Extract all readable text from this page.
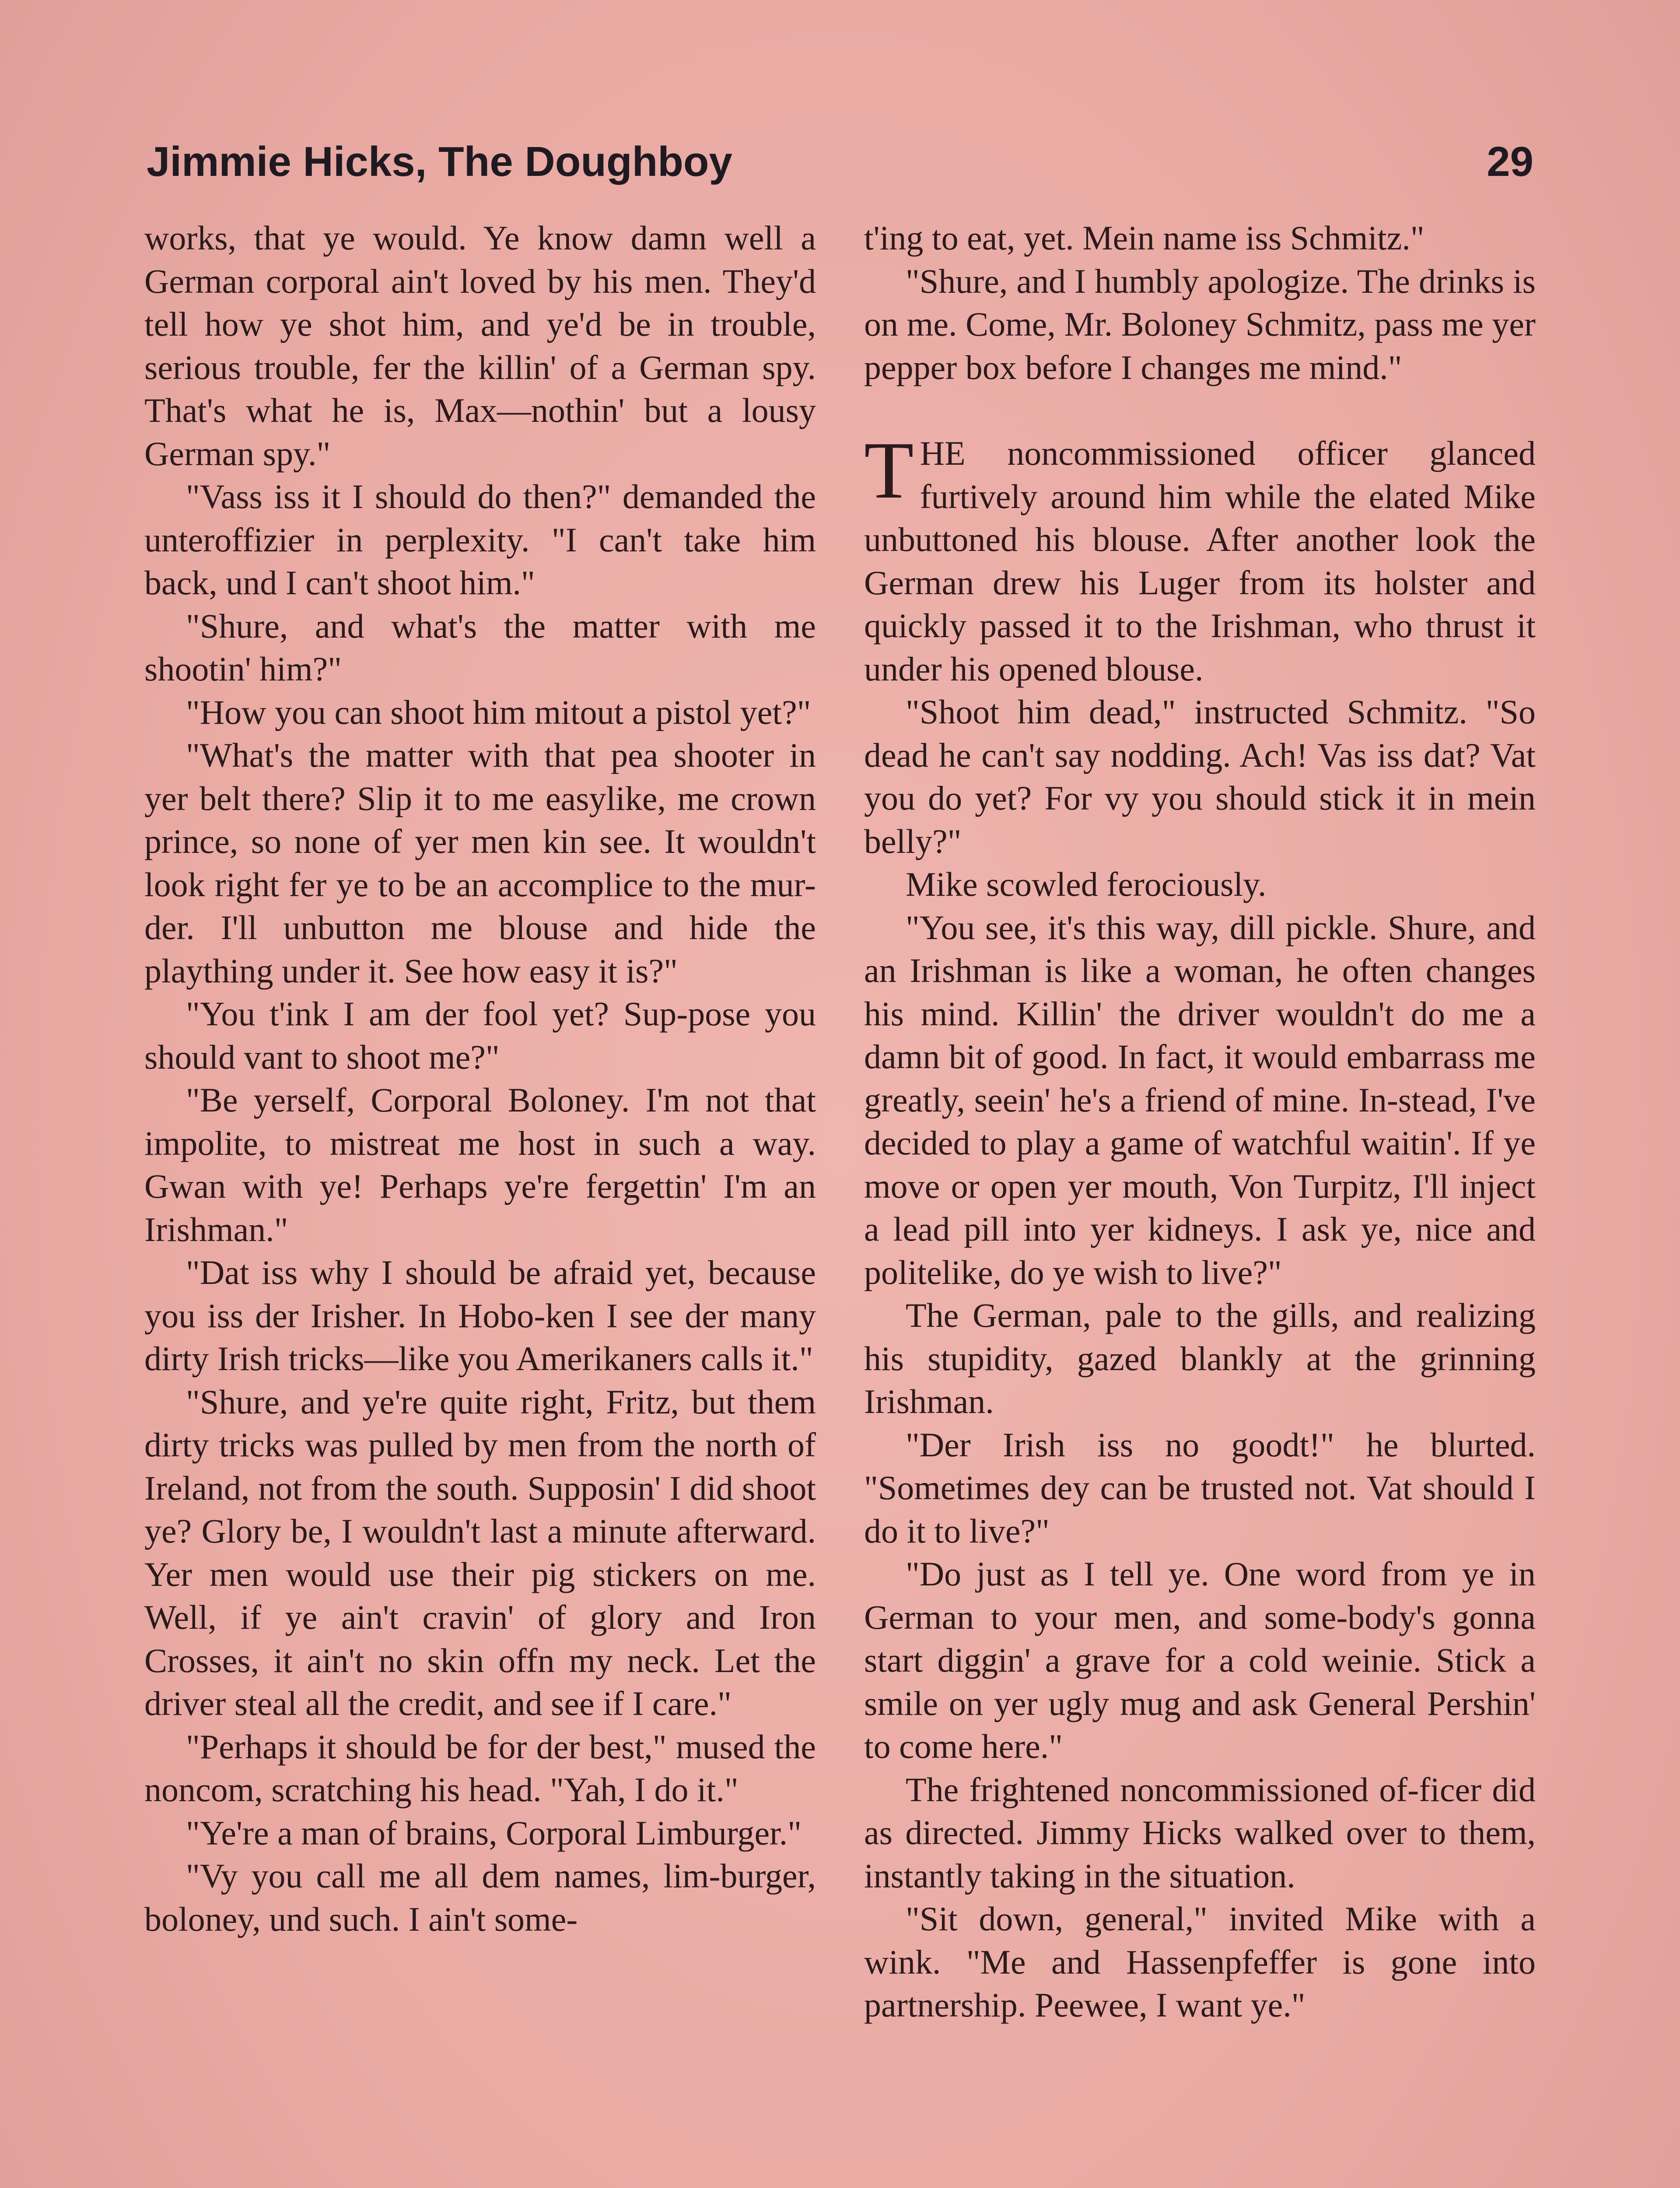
Jimmie Hicks, The Doughboy	29

works, that ye would. Ye know damn well a German corporal ain't loved by his men. They'd tell how ye shot him, and ye'd be in trouble, serious trouble, fer the killin' of a German spy. That's what he is, Max—nothin' but a lousy German spy."

"Vass iss it I should do then?" demanded the unteroffizier in perplexity. "I can't take him back, und I can't shoot him."

"Shure, and what's the matter with me shootin' him?"

"How you can shoot him mitout a pistol yet?"

"What's the matter with that pea shooter in yer belt there? Slip it to me easylike, me crown prince, so none of yer men kin see. It wouldn't look right fer ye to be an accomplice to the mur-der. I'll unbutton me blouse and hide the plaything under it. See how easy it is?"

"You t'ink I am der fool yet? Sup-pose you should vant to shoot me?"

"Be yerself, Corporal Boloney. I'm not that impolite, to mistreat me host in such a way. Gwan with ye! Perhaps ye're fergettin' I'm an Irishman."

"Dat iss why I should be afraid yet, because you iss der Irisher. In Hobo-ken I see der many dirty Irish tricks—like you Amerikaners calls it."

"Shure, and ye're quite right, Fritz, but them dirty tricks was pulled by men from the north of Ireland, not from the south. Supposin' I did shoot ye? Glory be, I wouldn't last a minute afterward. Yer men would use their pig stickers on me. Well, if ye ain't cravin' of glory and Iron Crosses, it ain't no skin offn my neck. Let the driver steal all the credit, and see if I care."

"Perhaps it should be for der best," mused the noncom, scratching his head. "Yah, I do it."

"Ye're a man of brains, Corporal Limburger."

"Vy you call me all dem names, lim-burger, boloney, und such. I ain't some-

t'ing to eat, yet. Mein name iss Schmitz."

"Shure, and I humbly apologize. The drinks is on me. Come, Mr. Boloney Schmitz, pass me yer pepper box before I changes me mind."

THE noncommissioned officer glanced furtively around him while the elated Mike unbuttoned his blouse. After another look the German drew his Luger from its holster and quickly passed it to the Irishman, who thrust it under his opened blouse.

"Shoot him dead," instructed Schmitz. "So dead he can't say nodding. Ach! Vas iss dat? Vat you do yet? For vy you should stick it in mein belly?"

Mike scowled ferociously.

"You see, it's this way, dill pickle. Shure, and an Irishman is like a woman, he often changes his mind. Killin' the driver wouldn't do me a damn bit of good. In fact, it would embarrass me greatly, seein' he's a friend of mine. In-stead, I've decided to play a game of watchful waitin'. If ye move or open yer mouth, Von Turpitz, I'll inject a lead pill into yer kidneys. I ask ye, nice and politelike, do ye wish to live?"

The German, pale to the gills, and realizing his stupidity, gazed blankly at the grinning Irishman.

"Der Irish iss no goodt!" he blurted. "Sometimes dey can be trusted not. Vat should I do it to live?"

"Do just as I tell ye. One word from ye in German to your men, and some-body's gonna start diggin' a grave for a cold weinie. Stick a smile on yer ugly mug and ask General Pershin' to come here."

The frightened noncommissioned of-ficer did as directed. Jimmy Hicks walked over to them, instantly taking in the situation.

"Sit down, general," invited Mike with a wink. "Me and Hassenpfeffer is gone into partnership. Peewee, I want ye."
